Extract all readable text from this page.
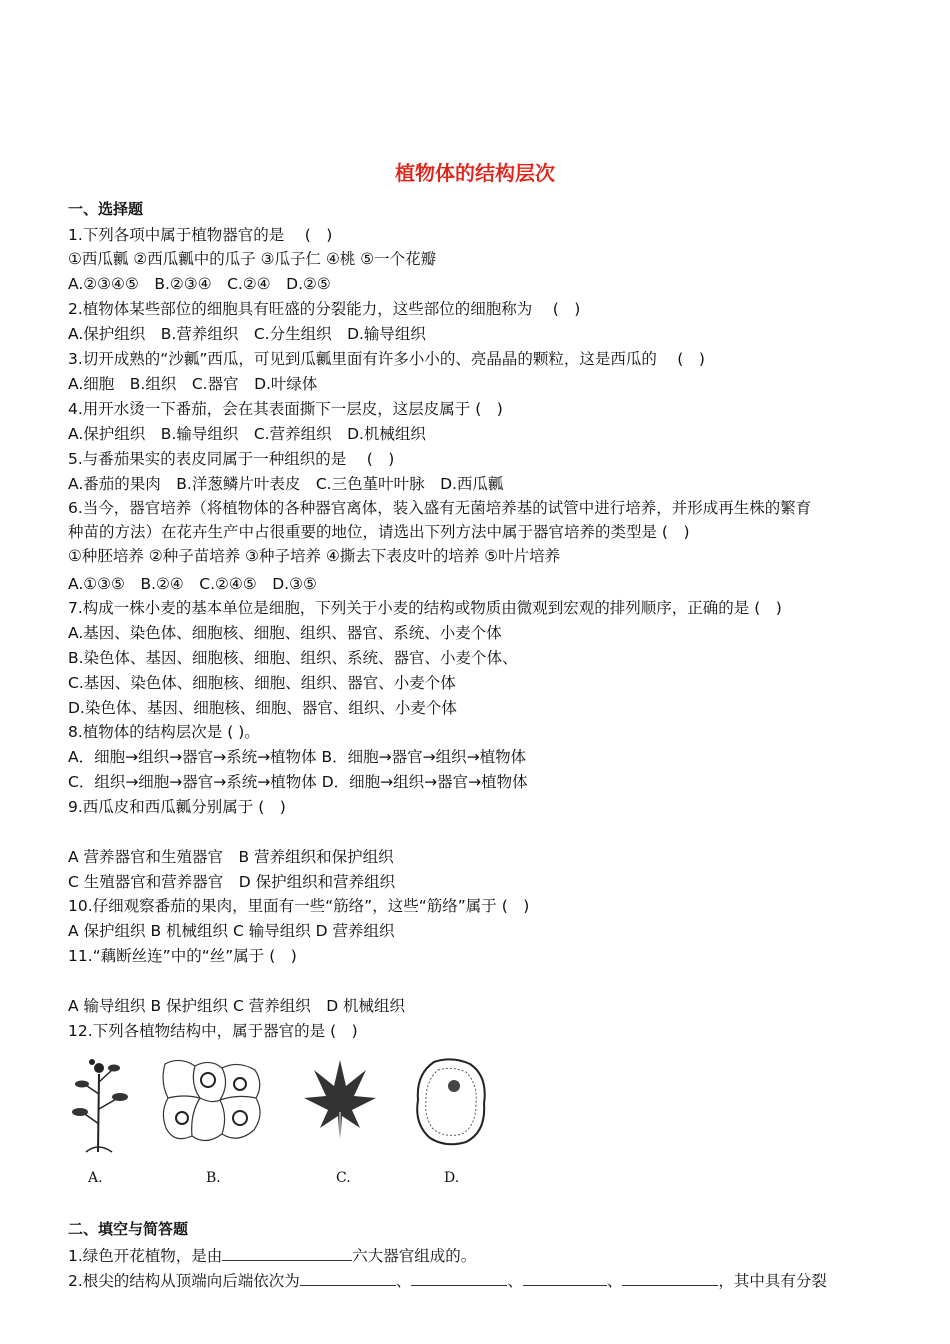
植物体的结构层次
一、选择题
1.下列各项中属于植物器官的是　 (　)
①西瓜瓤 ②西瓜瓤中的瓜子 ③瓜子仁 ④桃 ⑤一个花瓣
A.②③④⑤　B.②③④　C.②④　D.②⑤
2.植物体某些部位的细胞具有旺盛的分裂能力，这些部位的细胞称为　 (　)
A.保护组织　B.营养组织　C.分生组织　D.输导组织
3.切开成熟的“沙瓤”西瓜，可见到瓜瓤里面有许多小小的、亮晶晶的颗粒，这是西瓜的　 (　)
A.细胞　B.组织　C.器官　D.叶绿体
4.用开水烫一下番茄，会在其表面撕下一层皮，这层皮属于 (　)
A.保护组织　B.输导组织　C.营养组织　D.机械组织
5.与番茄果实的表皮同属于一种组织的是　 (　)
A.番茄的果肉　B.洋葱鳞片叶表皮　C.三色堇叶叶脉　D.西瓜瓤
6.当今，器官培养（将植物体的各种器官离体，装入盛有无菌培养基的试管中进行培养，并形成再生株的繁育
种苗的方法）在花卉生产中占很重要的地位，请选出下列方法中属于器官培养的类型是 (　)
①种胚培养 ②种子苗培养 ③种子培养 ④撕去下表皮叶的培养 ⑤叶片培养
A.①③⑤　B.②④　C.②④⑤　D.③⑤
7.构成一株小麦的基本单位是细胞，下列关于小麦的结构或物质由微观到宏观的排列顺序，正确的是 (　)
A.基因、染色体、细胞核、细胞、组织、器官、系统、小麦个体
B.染色体、基因、细胞核、细胞、组织、系统、器官、小麦个体、
C.基因、染色体、细胞核、细胞、组织、器官、小麦个体
D.染色体、基因、细胞核、细胞、器官、组织、小麦个体
8.植物体的结构层次是 ( )。
A．细胞→组织→器官→系统→植物体 B．细胞→器官→组织→植物体
C．组织→细胞→器官→系统→植物体 D．细胞→组织→器官→植物体
9.西瓜皮和西瓜瓤分别属于 (　)
A 营养器官和生殖器官　B 营养组织和保护组织
C 生殖器官和营养器官　D 保护组织和营养组织
10.仔细观察番茄的果肉，里面有一些“筋络”，这些“筋络”属于 (　)
A 保护组织 B 机械组织 C 输导组织 D 营养组织
11.“藕断丝连”中的“丝”属于 (　)
A 输导组织 B 保护组织 C 营养组织　D 机械组织
12.下列各植物结构中，属于器官的是 (　)
A.	B.	C.	D.
二、填空与简答题
1.绿色开花植物，是由	六大器官组成的。
2.根尖的结构从顶端向后端依次为	、	、	、	，其中具有分裂
